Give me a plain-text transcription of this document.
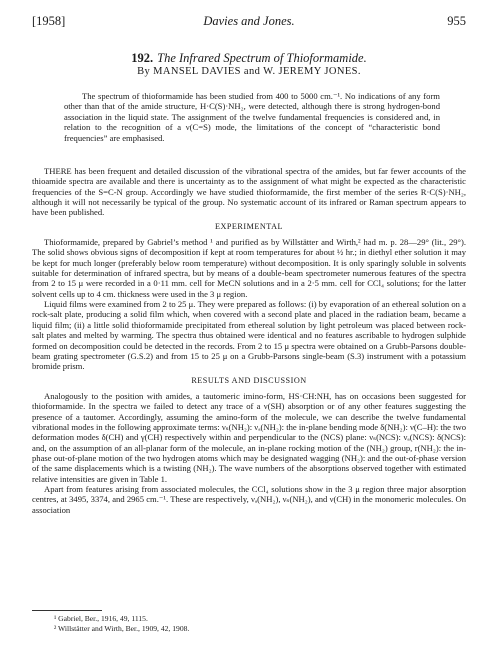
[1958]	Davies and Jones.	955
192. The Infrared Spectrum of Thioformamide.
By MANSEL DAVIES and W. JEREMY JONES.

The spectrum of thioformamide has been studied from 400 to 5000 cm.⁻¹. No indications of any form other than that of the amide structure, H·C(S)·NH₂, were detected, although there is strong hydrogen-bond association in the liquid state. The assignment of the twelve fundamental frequencies is considered and, in relation to the recognition of a ν(C=S) mode, the limitations of the concept of “characteristic bond frequencies” are emphasised.

THERE has been frequent and detailed discussion of the vibrational spectra of the amides, but far fewer accounts of the thioamide spectra are available and there is uncertainty as to the assignment of what might be expected as the characteristic frequencies of the S=C-N group. Accordingly we have studied thioformamide, the first member of the series R·C(S)·NH₂, although it will not necessarily be typical of the group. No systematic account of its infrared or Raman spectrum appears to have been published.

EXPERIMENTAL

Thioformamide, prepared by Gabriel’s method ¹ and purified as by Willstätter and Wirth,² had m. p. 28—29° (lit., 29°). The solid shows obvious signs of decomposition if kept at room temperatures for about ½ hr.; in diethyl ether solution it may be kept for much longer (preferably below room temperature) without decomposition. It is only sparingly soluble in solvents suitable for determination of infrared spectra, but by means of a double-beam spectrometer numerous features of the spectra from 2 to 15 μ were recorded in a 0·11 mm. cell for MeCN solutions and in a 2·5 mm. cell for CCl₄ solutions; for the latter solvent cells up to 4 cm. thickness were used in the 3 μ region.

Liquid films were examined from 2 to 25 μ. They were prepared as follows: (i) by evaporation of an ethereal solution on a rock-salt plate, producing a solid film which, when covered with a second plate and placed in the radiation beam, became a liquid film; (ii) a little solid thioformamide precipitated from ethereal solution by light petroleum was placed between rock-salt plates and melted by warming. The spectra thus obtained were identical and no features ascribable to hydrogen sulphide formed on decomposition could be detected in the records. From 2 to 15 μ spectra were obtained on a Grubb-Parsons double-beam grating spectrometer (G.S.2) and from 15 to 25 μ on a Grubb-Parsons single-beam (S.3) instrument with a potassium bromide prism.

RESULTS AND DISCUSSION

Analogously to the position with amides, a tautomeric imino-form, HS·CH:NH, has on occasions been suggested for thioformamide. In the spectra we failed to detect any trace of a ν(SH) absorption or of any other features suggesting the presence of a tautomer. Accordingly, assuming the amino-form of the molecule, we can describe the twelve fundamental vibrational modes in the following approximate terms: νₛ(NH₂): νₐ(NH₂): the in-plane bending mode δ(NH₂): ν(C–H): the two deformation modes δ(CH) and γ(CH) respectively within and perpendicular to the (NCS) plane: νₛ(NCS): νₐ(NCS): δ(NCS): and, on the assumption of an all-planar form of the molecule, an in-plane rocking motion of the (NH₂) group, r(NH₂): the in-phase out-of-plane motion of the two hydrogen atoms which may be designated wagging (NH₂): and the out-of-phase version of the same displacements which is a twisting (NH₂). The wave numbers of the absorptions observed together with estimated relative intensities are given in Table 1.

Apart from features arising from associated molecules, the CCl₄ solutions show in the 3 μ region three major absorption centres, at 3495, 3374, and 2965 cm.⁻¹. These are respectively, νₐ(NH₂), νₛ(NH₂), and ν(CH) in the monomeric molecules. On association

¹ Gabriel, Ber., 1916, 49, 1115.
² Willstätter and Wirth, Ber., 1909, 42, 1908.
